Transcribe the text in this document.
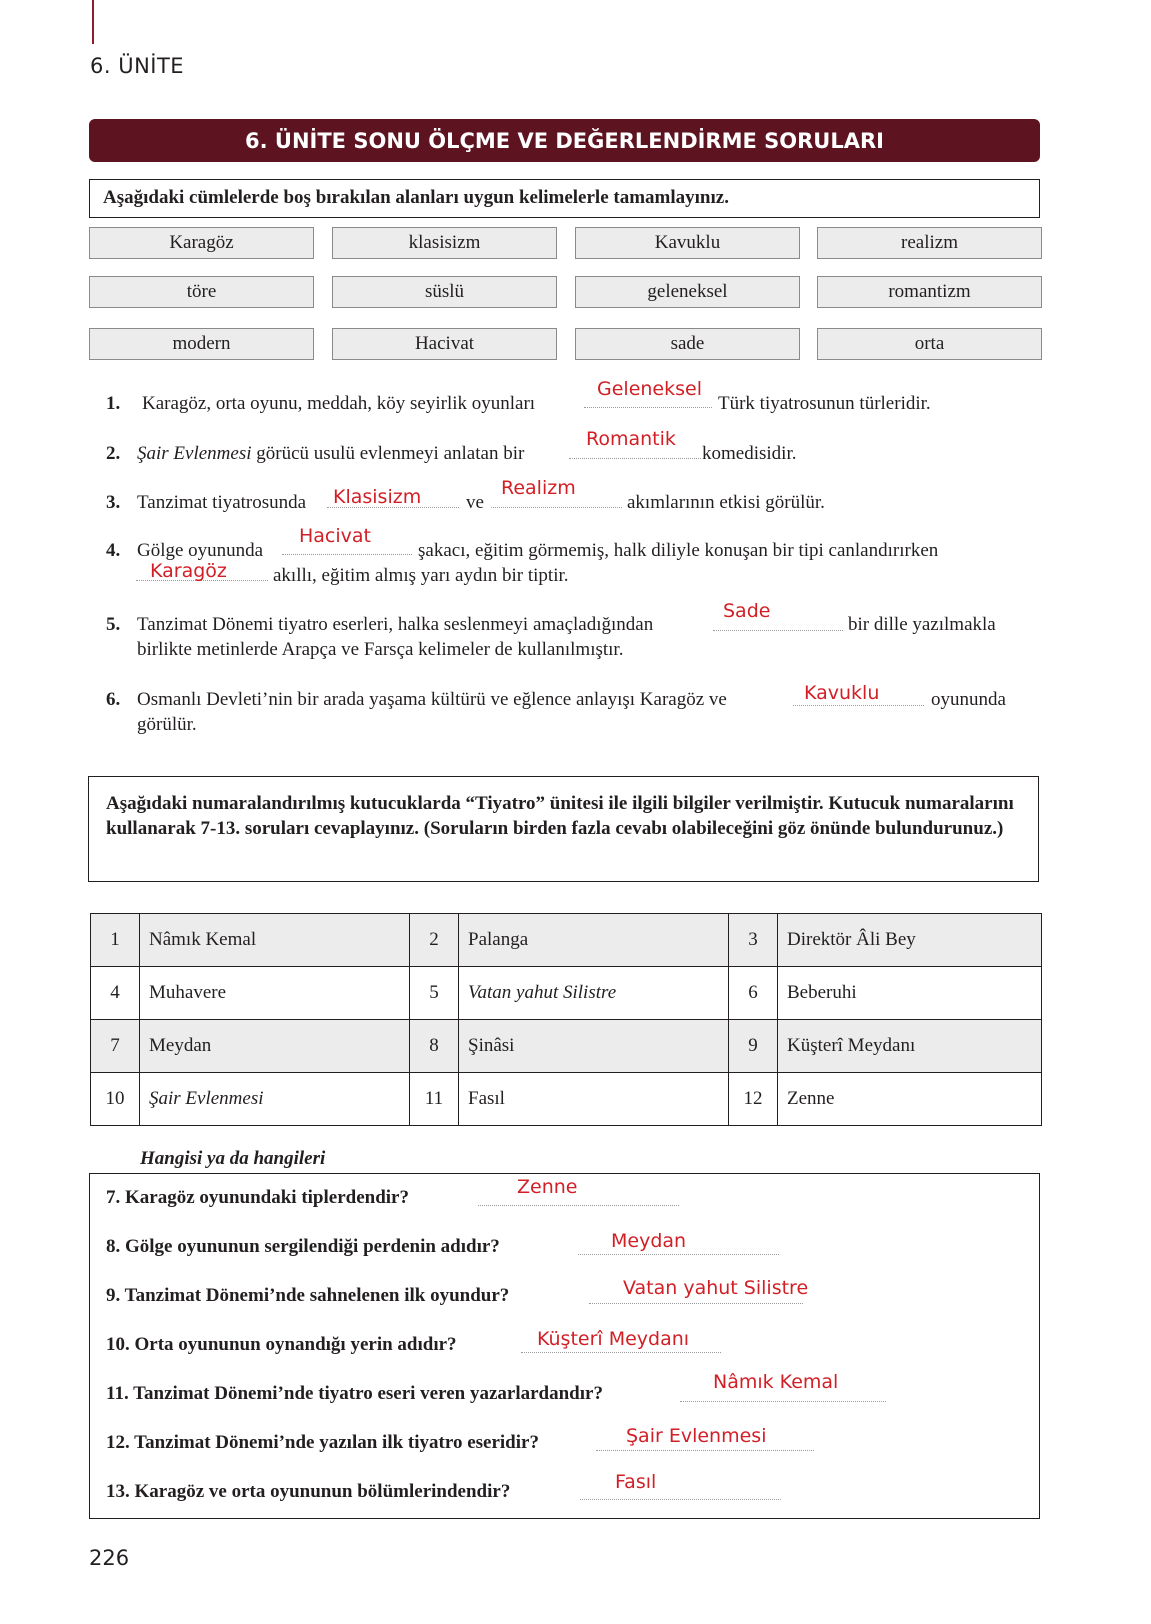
6. ÜNİTE
6. ÜNİTE SONU ÖLÇME VE DEĞERLENDİRME SORULARI
Aşağıdaki cümlelerde boş bırakılan alanları uygun kelimelerle tamamlayınız.
Karagöz	klasisizm	Kavuklu	realizm
töre	süslü	geleneksel	romantizm
modern	Hacivat	sade	orta
1. Karagöz, orta oyunu, meddah, köy seyirlik oyunları
Geleneksel
Türk tiyatrosunun türleridir.
2. Şair Evlenmesi görücü usulü evlenmeyi anlatan bir
Romantik
komedisidir.
3. Tanzimat tiyatrosunda Klasisizm ve
Realizm
akımlarının etkisi görülür.
4. Gölge oyununda
Hacivat
şakacı, eğitim görmemiş, halk diliyle konuşan bir tipi canlandırırken
Karagöz akıllı, eğitim almış yarı aydın bir tiptir.
5. Tanzimat Dönemi tiyatro eserleri, halka seslenmeyi amaçladığından
Sade
bir dille yazılmakla
birlikte metinlerde Arapça ve Farsça kelimeler de kullanılmıştır.
6. Osmanlı Devleti’nin bir arada yaşama kültürü ve eğlence anlayışı Karagöz ve	Kavuklu	oyununda
görülür.
Aşağıdaki numaralandırılmış kutucuklarda “Tiyatro” ünitesi ile ilgili bilgiler verilmiştir. Kutucuk numaralarını kullanarak 7-13. soruları cevaplayınız. (Soruların birden fazla cevabı olabileceğini göz önünde bulundurunuz.)
1	Nâmık Kemal	2	Palanga	3	Direktör Âli Bey
4	Muhavere	5	Vatan yahut Silistre	6	Beberuhi
7	Meydan	8	Şinâsi	9	Küşterî Meydanı
10	Şair Evlenmesi	11	Fasıl	12	Zenne
Hangisi ya da hangileri
7. Karagöz oyunundaki tiplerdendir?	Zenne
8. Gölge oyununun sergilendiği perdenin adıdır?	Meydan
9. Tanzimat Dönemi’nde sahnelenen ilk oyundur?	Vatan yahut Silistre
10. Orta oyununun oynandığı yerin adıdır?	Küşterî Meydanı
11. Tanzimat Dönemi’nde tiyatro eseri veren yazarlardandır?
Nâmık Kemal
12. Tanzimat Dönemi’nde yazılan ilk tiyatro eseridir?	Şair Evlenmesi
13. Karagöz ve orta oyununun bölümlerindendir?	Fasıl
226
